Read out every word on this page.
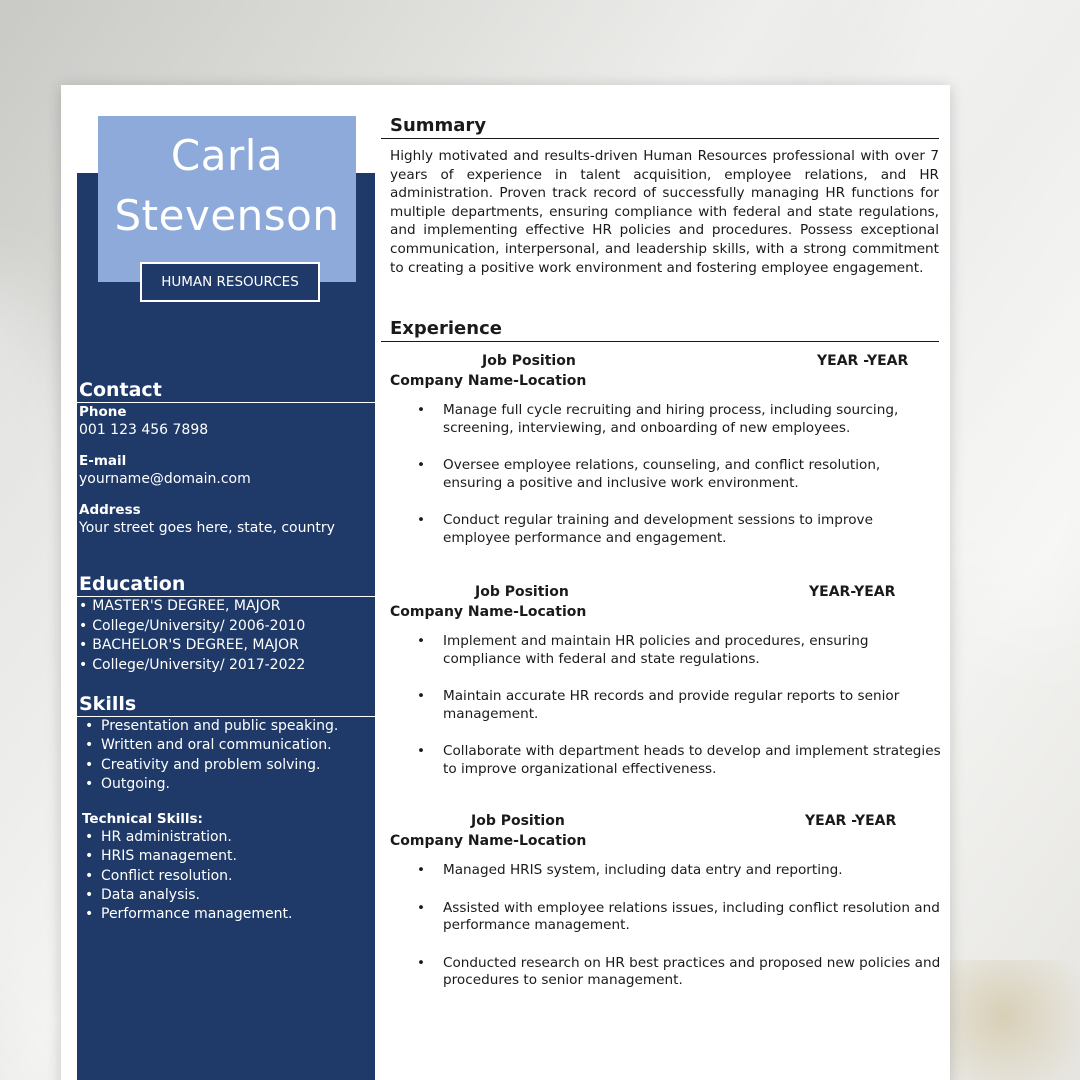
Carla
Stevenson
HUMAN RESOURCES
Contact
Phone
001 123 456 7898
E-mail
yourname@domain.com
Address
Your street goes here, state, country
Education
• MASTER'S DEGREE, MAJOR
• College/University/ 2006-2010
• BACHELOR'S DEGREE, MAJOR
• College/University/ 2017-2022
Skills
• Presentation and public speaking.
• Written and oral communication.
• Creativity and problem solving.
• Outgoing.
Technical Skills:
• HR administration.
• HRIS management.
• Conflict resolution.
• Data analysis.
• Performance management.
Summary

Highly motivated and results-driven Human Resources professional with over 7 years of experience in talent acquisition, employee relations, and HR administration. Proven track record of successfully managing HR functions for multiple departments, ensuring compliance with federal and state regulations, and implementing effective HR policies and procedures. Possess exceptional communication, interpersonal, and leadership skills, with a strong commitment to creating a positive work environment and fostering employee engagement.

Experience
Job Position	YEAR -YEAR
Company Name-Location
• Manage full cycle recruiting and hiring process, including sourcing, screening, interviewing, and onboarding of new employees.
• Oversee employee relations, counseling, and conflict resolution, ensuring a positive and inclusive work environment.
• Conduct regular training and development sessions to improve employee performance and engagement.
Job Position	YEAR-YEAR
Company Name-Location
• Implement and maintain HR policies and procedures, ensuring compliance with federal and state regulations.
• Maintain accurate HR records and provide regular reports to senior management.
• Collaborate with department heads to develop and implement strategies to improve organizational effectiveness.
Job Position	YEAR -YEAR
Company Name-Location
• Managed HRIS system, including data entry and reporting.
• Assisted with employee relations issues, including conflict resolution and performance management.
• Conducted research on HR best practices and proposed new policies and procedures to senior management.
